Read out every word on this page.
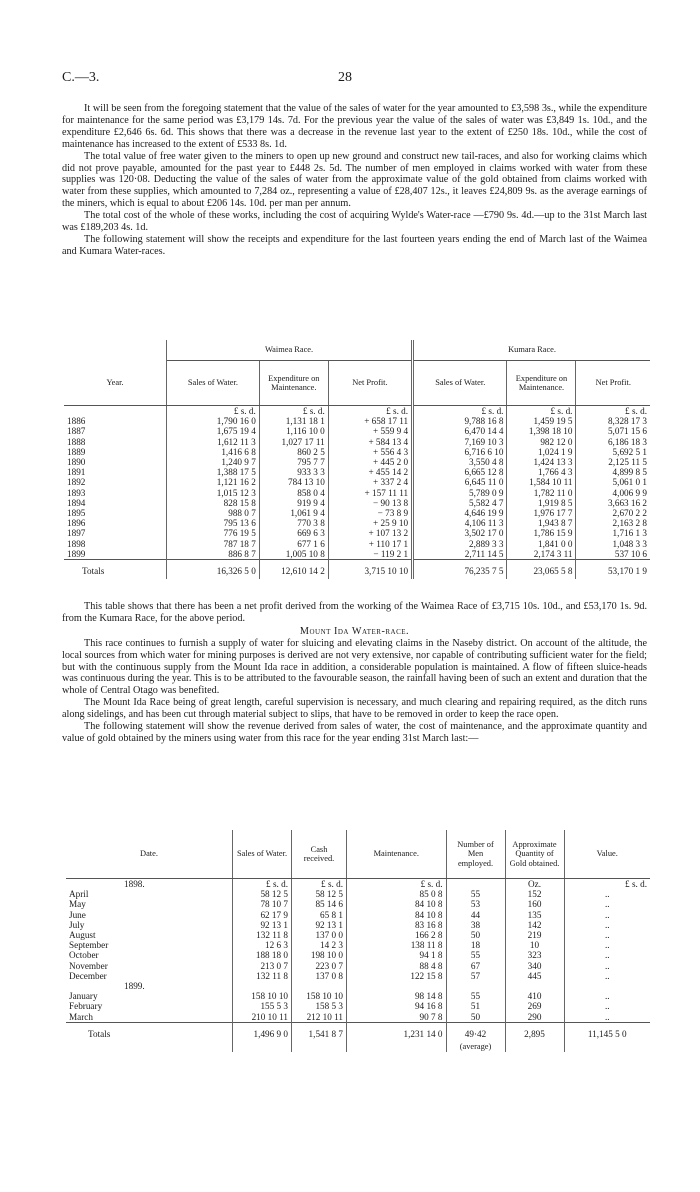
C.—3.	28

It will be seen from the foregoing statement that the value of the sales of water for the year amounted to £3,598 3s., while the expenditure for maintenance for the same period was £3,179 14s. 7d. For the previous year the value of the sales of water was £3,849 1s. 10d., and the expenditure £2,646 6s. 6d. This shows that there was a decrease in the revenue last year to the extent of £250 18s. 10d., while the cost of maintenance has increased to the extent of £533 8s. 1d.

The total value of free water given to the miners to open up new ground and construct new tail-races, and also for working claims which did not prove payable, amounted for the past year to £448 2s. 5d. The number of men employed in claims worked with water from these supplies was 120·08. Deducting the value of the sales of water from the approximate value of the gold obtained from claims worked with water from these supplies, which amounted to 7,284 oz., representing a value of £28,407 12s., it leaves £24,809 9s. as the average earnings of the miners, which is equal to about £206 14s. 10d. per man per annum.

The total cost of the whole of these works, including the cost of acquiring Wylde's Water-race —£790 9s. 4d.—up to the 31st March last was £189,203 4s. 1d.

The following statement will show the receipts and expenditure for the last fourteen years ending the end of March last of the Waimea and Kumara Water-races.

	Waimea Race.			Kumara Race.		
Year.	Sales of Water.	Expenditure on Maintenance.	Net Profit.	Sales of Water.	Expenditure on Maintenance.	Net Profit.
	£ s. d.	£ s. d.	£ s. d.	£ s. d.	£ s. d.	£ s. d.
1886	1,790 16 0	1,131 18 1	+ 658 17 11	9,788 16 8	1,459 19 5	8,328 17 3
1887	1,675 19 4	1,116 10 0	+ 559 9 4	6,470 14 4	1,398 18 10	5,071 15 6
1888	1,612 11 3	1,027 17 11	+ 584 13 4	7,169 10 3	982 12 0	6,186 18 3
1889	1,416 6 8	860 2 5	+ 556 4 3	6,716 6 10	1,024 1 9	5,692 5 1
1890	1,240 9 7	795 7 7	+ 445 2 0	3,550 4 8	1,424 13 3	2,125 11 5
1891	1,388 17 5	933 3 3	+ 455 14 2	6,665 12 8	1,766 4 3	4,899 8 5
1892	1,121 16 2	784 13 10	+ 337 2 4	6,645 11 0	1,584 10 11	5,061 0 1
1893	1,015 12 3	858 0 4	+ 157 11 11	5,789 0 9	1,782 11 0	4,006 9 9
1894	828 15 8	919 9 4	− 90 13 8	5,582 4 7	1,919 8 5	3,663 16 2
1895	988 0 7	1,061 9 4	− 73 8 9	4,646 19 9	1,976 17 7	2,670 2 2
1896	795 13 6	770 3 8	+ 25 9 10	4,106 11 3	1,943 8 7	2,163 2 8
1897	776 19 5	669 6 3	+ 107 13 2	3,502 17 0	1,786 15 9	1,716 1 3
1898	787 18 7	677 1 6	+ 110 17 1	2,889 3 3	1,841 0 0	1,048 3 3
1899	886 8 7	1,005 10 8	− 119 2 1	2,711 14 5	2,174 3 11	537 10 6
Totals	16,326 5 0	12,610 14 2	3,715 10 10	76,235 7 5	23,065 5 8	53,170 1 9

This table shows that there has been a net profit derived from the working of the Waimea Race of £3,715 10s. 10d., and £53,170 1s. 9d. from the Kumara Race, for the above period.

Mount Ida Water-race.

This race continues to furnish a supply of water for sluicing and elevating claims in the Naseby district. On account of the altitude, the local sources from which water for mining purposes is derived are not very extensive, nor capable of contributing sufficient water for the field; but with the continuous supply from the Mount Ida race in addition, a considerable population is maintained. A flow of fifteen sluice-heads was continuous during the year. This is to be attributed to the favourable season, the rainfall having been of such an extent and duration that the whole of Central Otago was benefited.

The Mount Ida Race being of great length, careful supervision is necessary, and much clearing and repairing required, as the ditch runs along sidelings, and has been cut through material subject to slips, that have to be removed in order to keep the race open.

The following statement will show the revenue derived from sales of water, the cost of maintenance, and the approximate quantity and value of gold obtained by the miners using water from this race for the year ending 31st March last:—

Date.	Sales of Water.	Cash received.	Maintenance.	Number of Men employed.	Approximate Quantity of Gold obtained.	Value.
1898.	£ s. d.	£ s. d.	£ s. d.		Oz.	£ s. d.
April	58 12 5	58 12 5	85 0 8	55	152	..
May	78 10 7	85 14 6	84 10 8	53	160	..
June	62 17 9	65 8 1	84 10 8	44	135	..
July	92 13 1	92 13 1	83 16 8	38	142	..
August	132 11 8	137 0 0	166 2 8	50	219	..
September	12 6 3	14 2 3	138 11 8	18	10	..
October	188 18 0	198 10 0	94 1 8	55	323	..
November	213 0 7	223 0 7	88 4 8	67	340	..
December	132 11 8	137 0 8	122 15 8	57	445	..
1899.						
January	158 10 10	158 10 10	98 14 8	55	410	..
February	155 5 3	158 5 3	94 16 8	51	269	..
March	210 10 11	212 10 11	90 7 8	50	290	..
Totals	1,496 9 0	1,541 8 7	1,231 14 0	49·42	2,895	11,145 5 0
				(average)		
